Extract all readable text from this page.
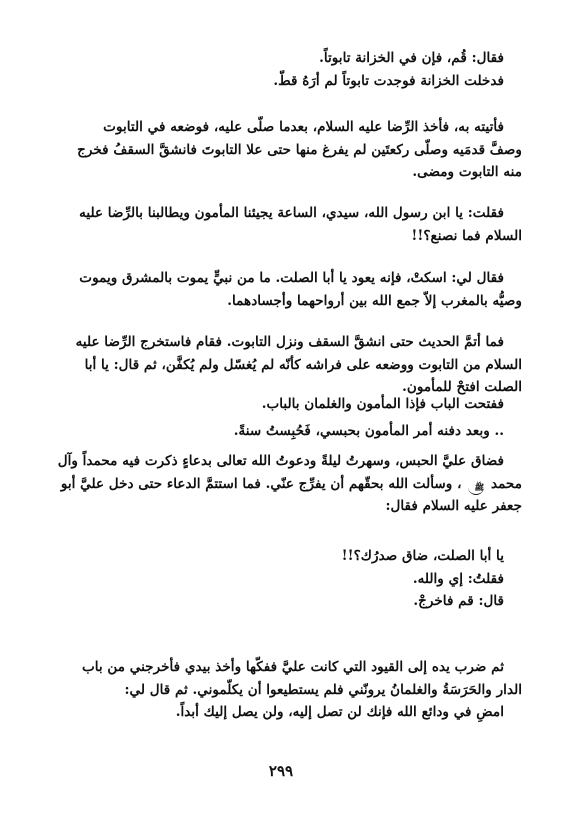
فقال: قُم، فإن في الخزانة تابوتاً.
فدخلت الخزانة فوجدت تابوتاً لم أرَهُ قطّ.
فأتيته به، فأخذ الرِّضا عليه السلام، بعدما صلّى عليه، فوضعه في التابوت
وصفَّ قدمَيه وصلّى ركعتَين لم يفرغ منها حتى علا التابوتَ فانشقَّ السقفُ فخرج
منه التابوت ومضى.
فقلت: يا ابن رسول الله، سيدي، الساعة يجيئنا المأمون ويطالبنا بالرِّضا عليه
السلام فما نصنع؟!!
فقال لي: اسكتْ، فإنه يعود يا أبا الصلت. ما من نبيٍّ يموت بالمشرق ويموت
وصيُّه بالمغرب إلاّ جمع الله بين أرواحهما وأجسادهما.
فما أتمَّ الحديث حتى انشقَّ السقف ونزل التابوت. فقام فاستخرج الرِّضا عليه
السلام من التابوت ووضعه على فراشه كأنّه لم يُغسّل ولم يُكفَّن، ثم قال: يا أبا
الصلت افتحْ للمأمون.
ففتحت الباب فإذا المأمون والغلمان بالباب.
.. وبعد دفنه أمر المأمون بحبسي، فَحُبِستُ سنةً.
فضاق عليَّ الحبس، وسهرتُ ليلةً ودعوتُ الله تعالى بدعاءٍ ذكرت فيه محمداً وآل
محمد ﷺ ، وسألت الله بحقّهم أن يفرِّج عنّي. فما استتمَّ الدعاء حتى دخل عليَّ أبو
جعفر عليه السلام فقال:
يا أبا الصلت، ضاق صدرُك؟!!
فقلتُ: إي والله.
قال: قم فاخرجْ.
ثم ضرب يده إلى القيود التي كانت عليَّ ففكّها وأخذ بيدي فأخرجني من باب
الدار والحَرَسَةُ والغلمانُ يرونّني فلم يستطيعوا أن يكلّموني. ثم قال لي:
امضِ في ودائع الله فإنك لن تصل إليه، ولن يصل إليك أبداً.
٢٩٩
